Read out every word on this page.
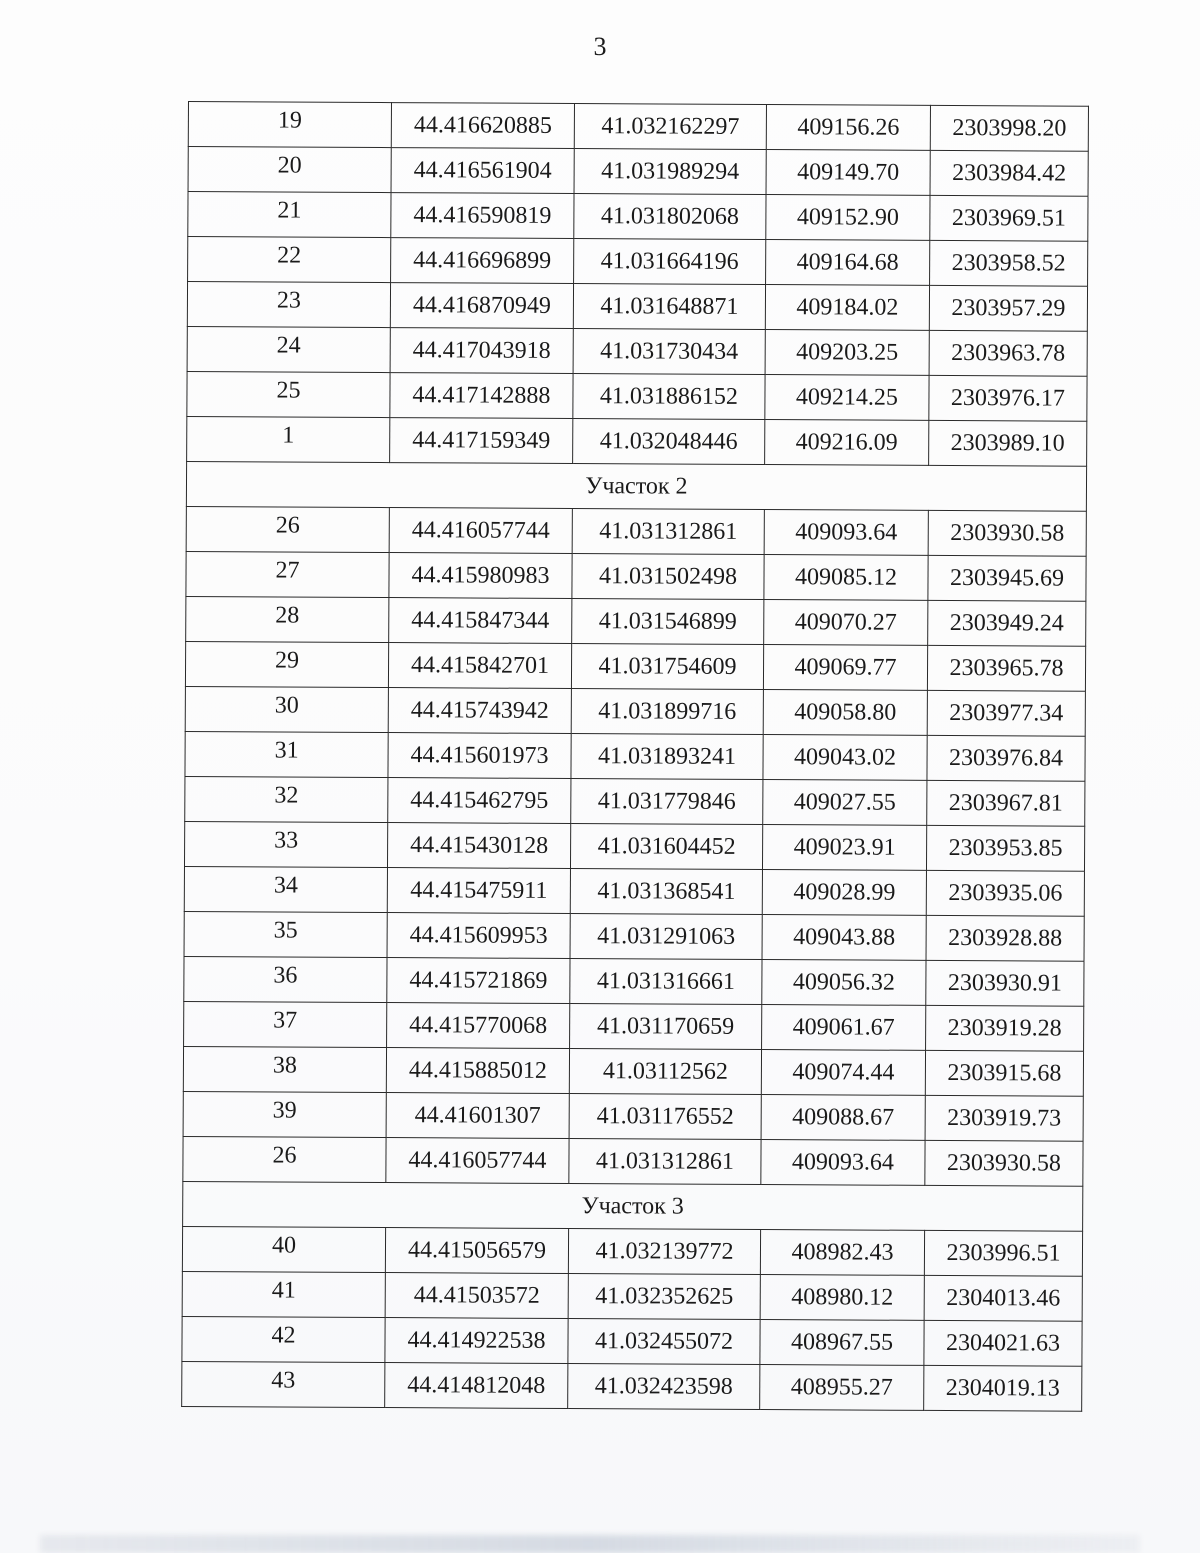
3
19	44.416620885	41.032162297	409156.26	2303998.20
20	44.416561904	41.031989294	409149.70	2303984.42
21	44.416590819	41.031802068	409152.90	2303969.51
22	44.416696899	41.031664196	409164.68	2303958.52
23	44.416870949	41.031648871	409184.02	2303957.29
24	44.417043918	41.031730434	409203.25	2303963.78
25	44.417142888	41.031886152	409214.25	2303976.17
1	44.417159349	41.032048446	409216.09	2303989.10
Участок 2				
26	44.416057744	41.031312861	409093.64	2303930.58
27	44.415980983	41.031502498	409085.12	2303945.69
28	44.415847344	41.031546899	409070.27	2303949.24
29	44.415842701	41.031754609	409069.77	2303965.78
30	44.415743942	41.031899716	409058.80	2303977.34
31	44.415601973	41.031893241	409043.02	2303976.84
32	44.415462795	41.031779846	409027.55	2303967.81
33	44.415430128	41.031604452	409023.91	2303953.85
34	44.415475911	41.031368541	409028.99	2303935.06
35	44.415609953	41.031291063	409043.88	2303928.88
36	44.415721869	41.031316661	409056.32	2303930.91
37	44.415770068	41.031170659	409061.67	2303919.28
38	44.415885012	41.03112562	409074.44	2303915.68
39	44.41601307	41.031176552	409088.67	2303919.73
26	44.416057744	41.031312861	409093.64	2303930.58
Участок 3				
40	44.415056579	41.032139772	408982.43	2303996.51
41	44.41503572	41.032352625	408980.12	2304013.46
42	44.414922538	41.032455072	408967.55	2304021.63
43	44.414812048	41.032423598	408955.27	2304019.13
